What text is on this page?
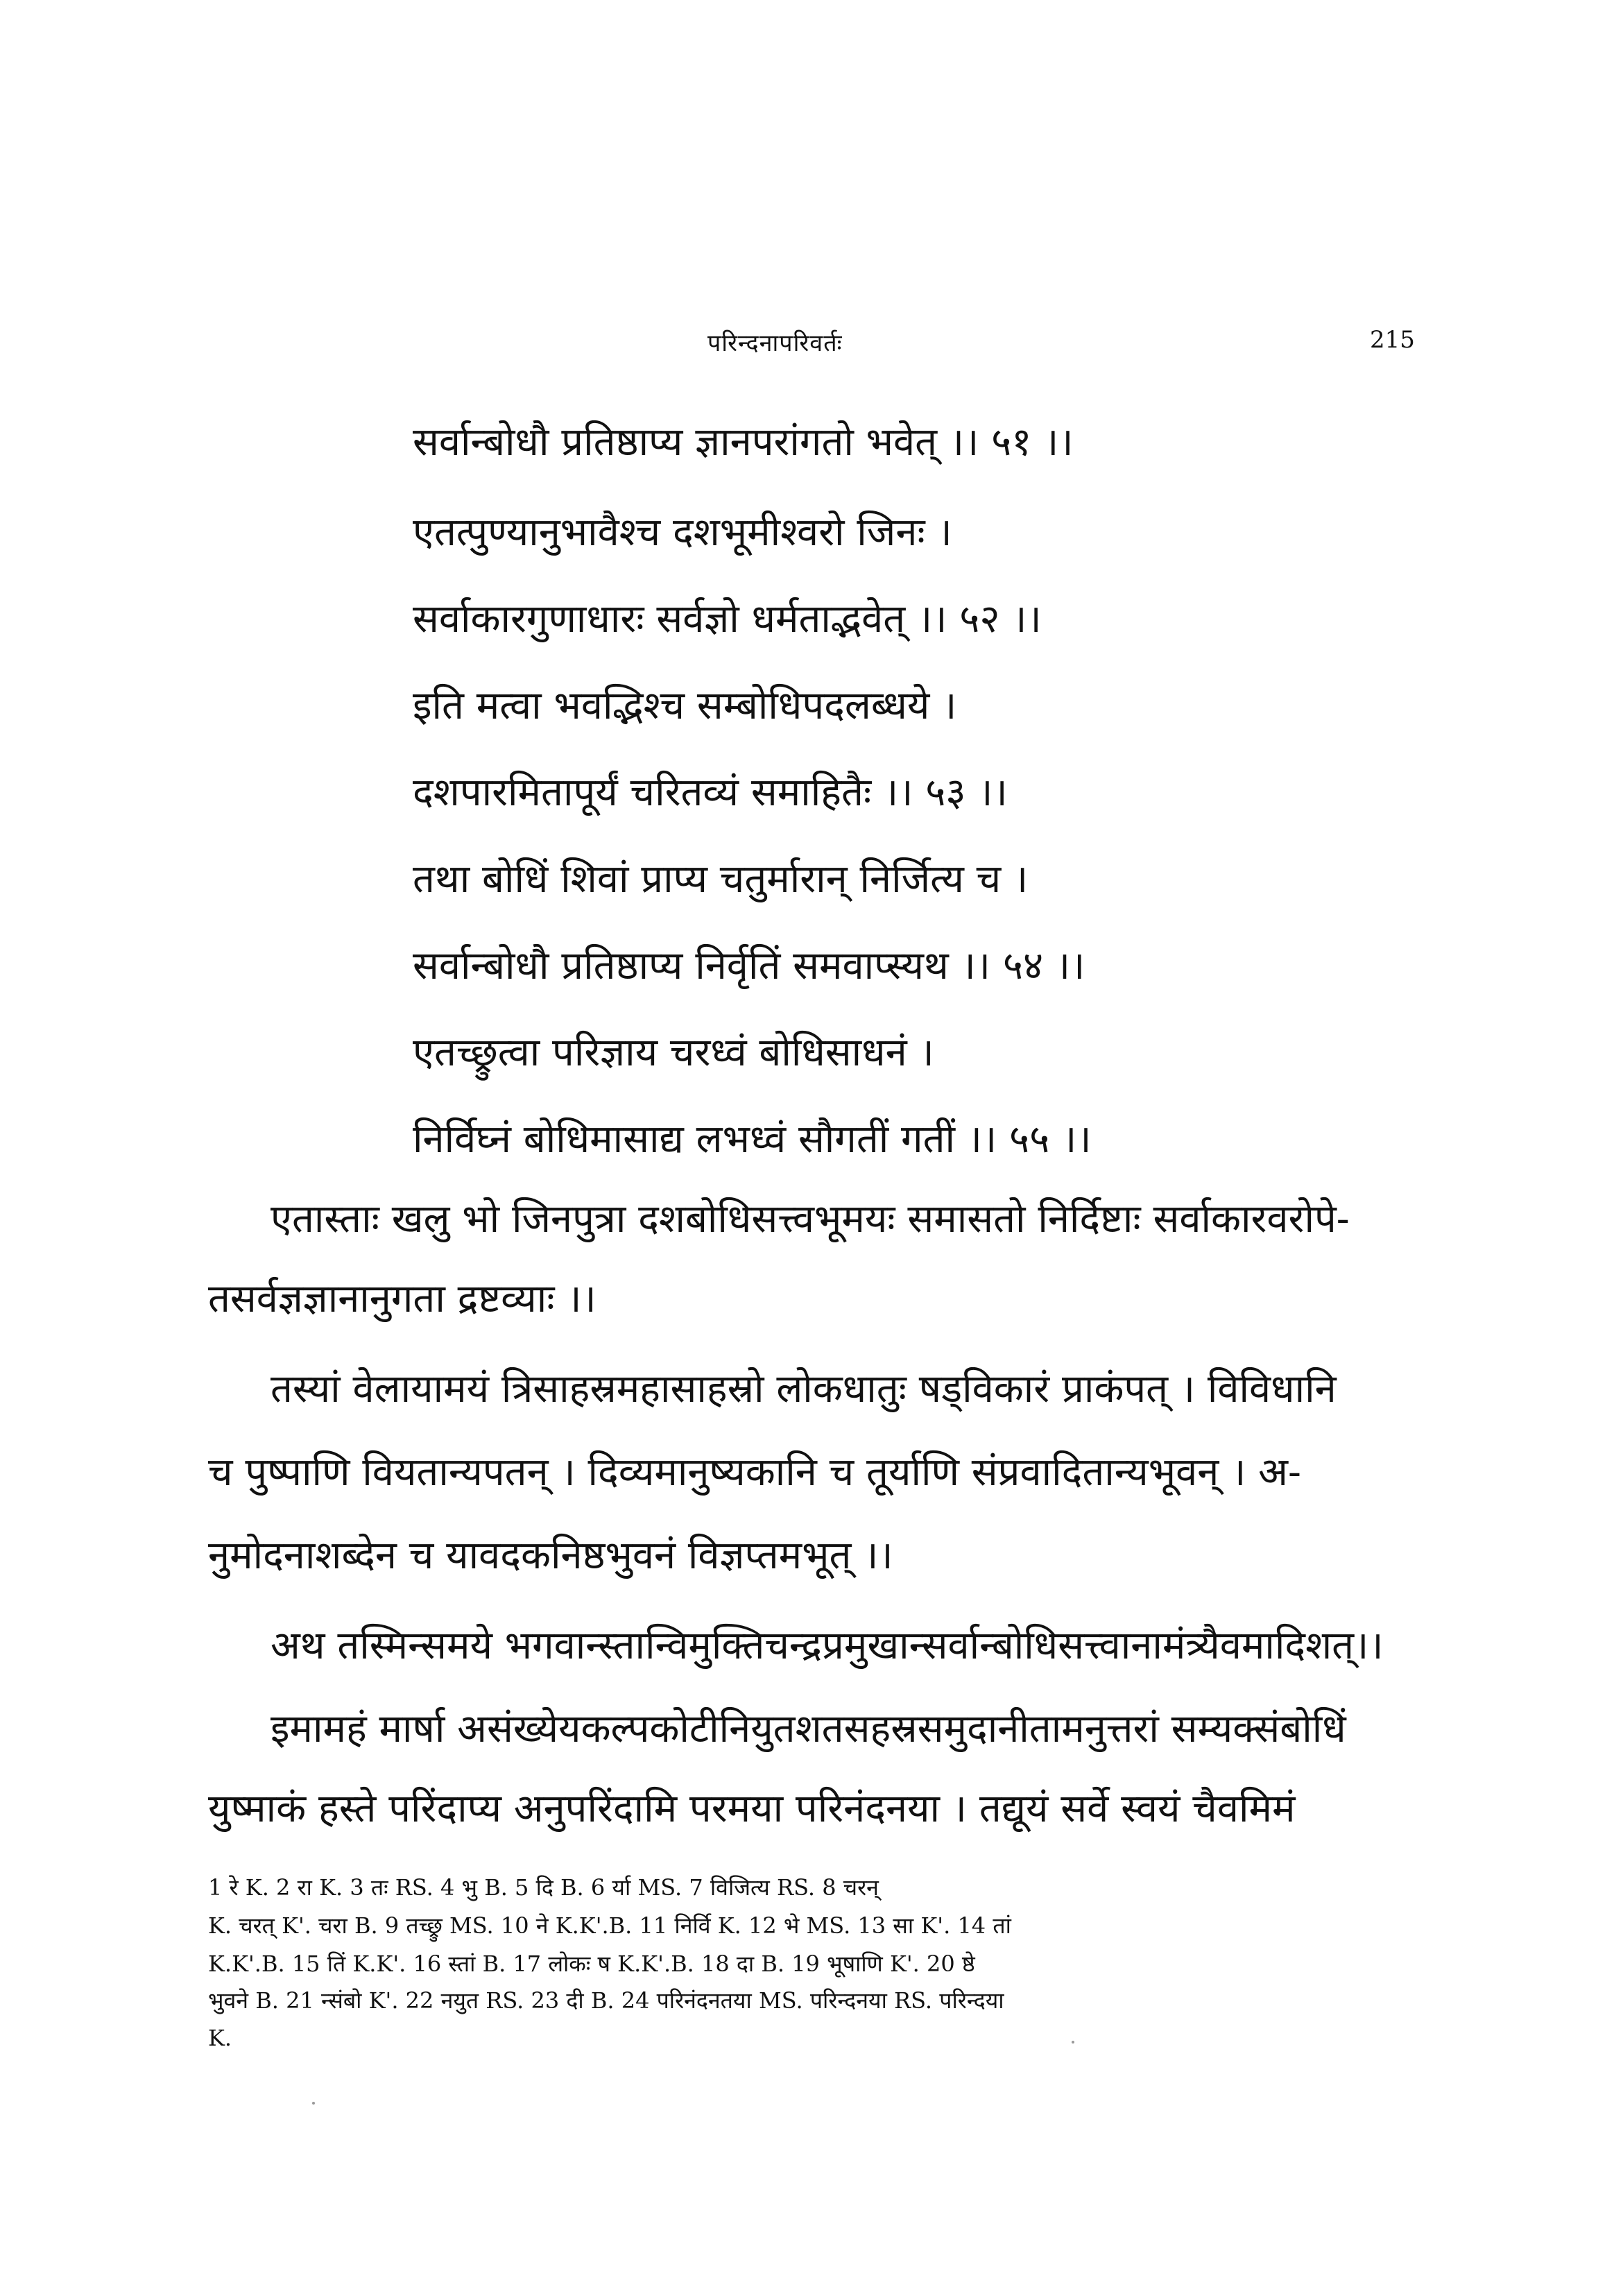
परिन्दनापरिवर्तः	215
सर्वान्बोधौ प्रतिष्ठाप्य ज्ञानपरांगतो भवेत् ।। ५१ ।।
एतत्पुण्यानुभावैश्च दशभूमीश्वरो जिनः ।
सर्वाकारगुणाधारः सर्वज्ञो धर्मताद्भवेत् ।। ५२ ।।
इति मत्वा भवद्भिश्च सम्बोधिपदलब्धये ।
दशपारमितापूर्यं चरितव्यं समाहितैः ।। ५३ ।।
तथा बोधिं शिवां प्राप्य चतुर्मारान् निर्जित्य च ।
सर्वान्बोधौ प्रतिष्ठाप्य निर्वृतिं समवाप्स्यथ ।। ५४ ।।
एतच्छ्रुत्वा परिज्ञाय चरध्वं बोधिसाधनं ।
निर्विघ्नं बोधिमासाद्य लभध्वं सौगतीं गतीं ।। ५५ ।।
एतास्ताः खलु भो जिनपुत्रा दशबोधिसत्त्वभूमयः समासतो निर्दिष्टाः सर्वाकारवरोपे-
तसर्वज्ञज्ञानानुगता द्रष्टव्याः ।।
तस्यां वेलायामयं त्रिसाहस्रमहासाहस्रो लोकधातुः षड्विकारं प्राकंपत् । विविधानि
च पुष्पाणि वियतान्यपतन् । दिव्यमानुष्यकानि च तूर्याणि संप्रवादितान्यभूवन् । अ-
नुमोदनाशब्देन च यावदकनिष्ठभुवनं विज्ञप्तमभूत् ।।
अथ तस्मिन्समये भगवान्स्तान्विमुक्तिचन्द्रप्रमुखान्सर्वान्बोधिसत्त्वानामंत्र्यैवमादिशत्।।
इमामहं मार्षा असंख्येयकल्पकोटीनियुतशतसहस्रसमुदानीतामनुत्तरां सम्यक्संबोधिं
युष्माकं हस्ते परिंदाप्य अनुपरिंदामि परमया परिनंदनया । तद्यूयं सर्वे स्वयं चैवमिमं
1 रे K. 2 रा K. 3 तः RS. 4 भु B. 5 दि B. 6 र्या MS. 7 विजित्य RS. 8 चरन्
K. चरत् K'. चरा B. 9 तच्छ्रु MS. 10 ने K.K'.B. 11 निर्वि K. 12 भे MS. 13 सा K'. 14 तां
K.K'.B. 15 तिं K.K'. 16 स्तां B. 17 लोकः ष K.K'.B. 18 दा B. 19 भूषाणि K'. 20 ष्ठे
भुवने B. 21 न्संबो K'. 22 नयुत RS. 23 दी B. 24 परिनंदनतया MS. परिन्दनया RS. परिन्दया
K.
